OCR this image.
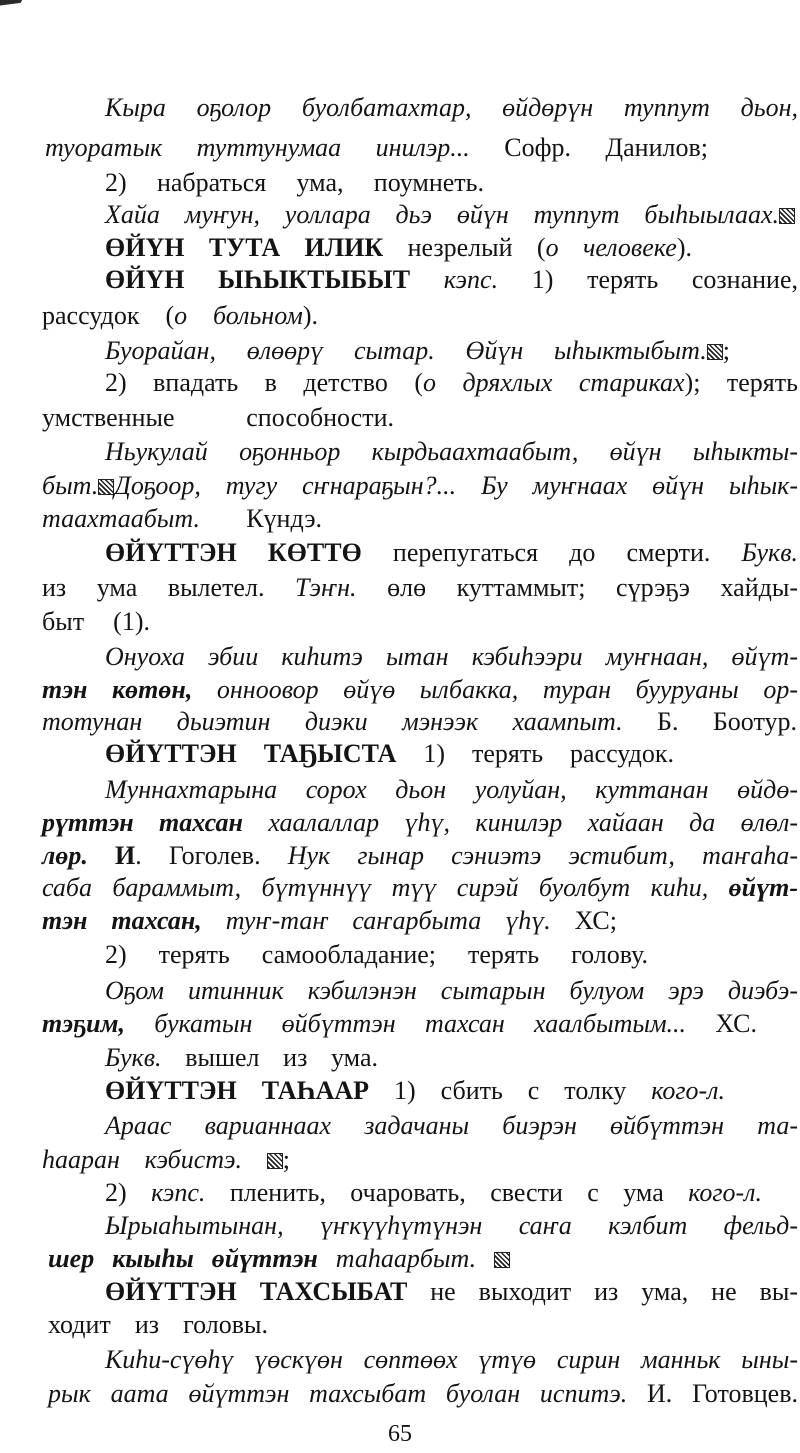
Кыра оҕолор буолбатахтар, өйдөрүн туппут дьон,
туоратык туттунумаа инилэр... Софр. Данилов;
2) набраться ума, поумнеть.
Хайа муҥун, уоллара дьэ өйүн туппут быһыылаах.
ӨЙҮН ТУТА ИЛИК незрелый (о человеке).
ӨЙҮН ЫҺЫКТЫБЫТ кэпс. 1) терять сознание,
рассудок (о больном).
Буорайан, өлөөрү сытар. Өйүн ыһыктыбыт. ;
2) впадать в детство (о дряхлых стариках); терять
умственные способности.
Ньукулай оҕонньор кырдьаахтаабыт, өйүн ыһыкты-
быт. Доҕоор, тугу сҥнараҕын?... Бу муҥнаах өйүн ыһык-
таахтаабыт. Күндэ.
ӨЙҮТТЭН КӨТТӨ перепугаться до смерти. Букв.
из ума вылетел. Тэҥн. өлө куттаммыт; сүрэҕэ хайды-
быт (1).
Онуоха эбии киһитэ ытан кэбиһээри муҥнаан, өйүт-
тэн көтөн, онноовор өйүө ылбакка, туран бууруаны ор-
тотунан дьиэтин диэки мэнээк хаампыт. Б. Боотур.
ӨЙҮТТЭН ТАҔЫСТА 1) терять рассудок.
Муннахтарына сорох дьон уолуйан, куттанан өйдө-
рүттэн тахсан хаалаллар үһү, кинилэр хайаан да өлөл-
лөр. И. Гоголев. Нук гынар сэниэтэ эстибит, таҥаһа-
саба бараммыт, бүтүннүү түү сирэй буолбут киһи, өйүт-
тэн тахсан, туҥ-таҥ саҥарбыта үһү. ХС;
2) терять самообладание; терять голову.
Оҕом итинник кэбилэнэн сытарын булуом эрэ диэбэ-
тэҕим, букатын өйбүттэн тахсан хаалбытым... ХС.
Букв. вышел из ума.
ӨЙҮТТЭН ТАҺААР 1) сбить с толку кого-л.
Араас варианнаах задачаны биэрэн өйбүттэн та-
һааран кэбистэ. ;
2) кэпс. пленить, очаровать, свести с ума кого-л.
Ырыаһытынан, үҥкүүһүтүнэн саҥа кэлбит фельд-
шер кыыһы өйүттэн таһаарбыт.
ӨЙҮТТЭН ТАХСЫБАТ не выходит из ума, не вы-
ходит из головы.
Киһи-сүөһү үөскүөн сөптөөх үтүө сирин манньк ыны-
рык аата өйүттэн тахсыбат буолан испитэ. И. Готовцев.
65
